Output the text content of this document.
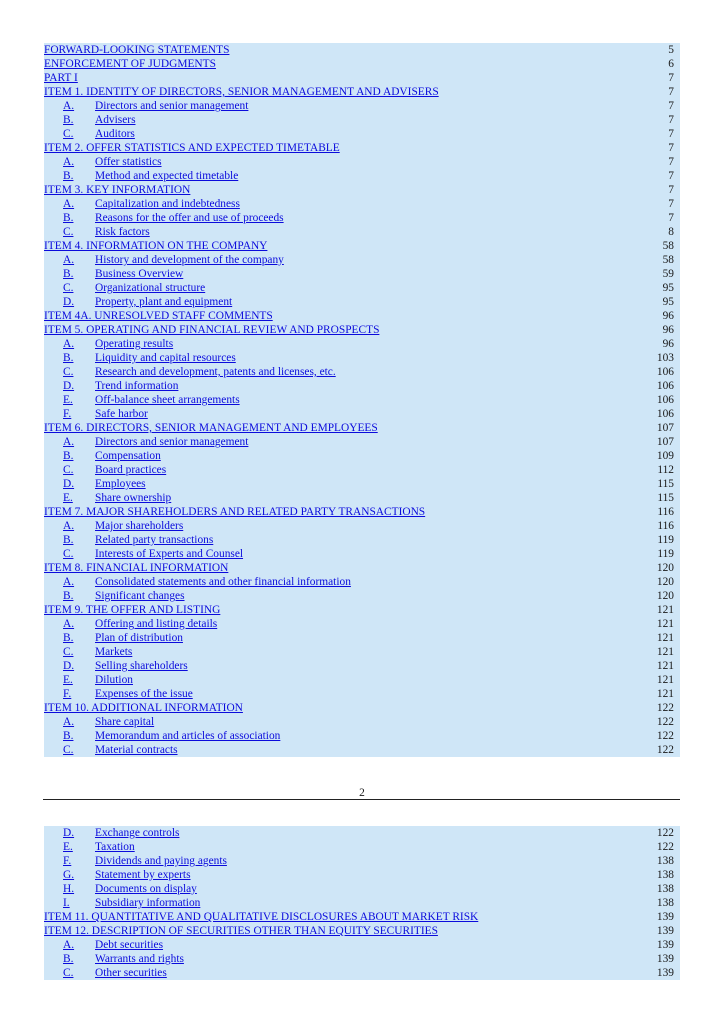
FORWARD-LOOKING STATEMENTS	5
ENFORCEMENT OF JUDGMENTS	6
PART I	7
ITEM 1. IDENTITY OF DIRECTORS, SENIOR MANAGEMENT AND ADVISERS	7
A. Directors and senior management	7
B. Advisers	7
C. Auditors	7
ITEM 2. OFFER STATISTICS AND EXPECTED TIMETABLE	7
A. Offer statistics	7
B. Method and expected timetable	7
ITEM 3. KEY INFORMATION	7
A. Capitalization and indebtedness	7
B. Reasons for the offer and use of proceeds	7
C. Risk factors	8
ITEM 4. INFORMATION ON THE COMPANY	58
A. History and development of the company	58
B. Business Overview	59
C. Organizational structure	95
D. Property, plant and equipment	95
ITEM 4A. UNRESOLVED STAFF COMMENTS	96
ITEM 5. OPERATING AND FINANCIAL REVIEW AND PROSPECTS	96
A. Operating results	96
B. Liquidity and capital resources	103
C. Research and development, patents and licenses, etc.	106
D. Trend information	106
E. Off-balance sheet arrangements	106
F. Safe harbor	106
ITEM 6. DIRECTORS, SENIOR MANAGEMENT AND EMPLOYEES	107
A. Directors and senior management	107
B. Compensation	109
C. Board practices	112
D. Employees	115
E. Share ownership	115
ITEM 7. MAJOR SHAREHOLDERS AND RELATED PARTY TRANSACTIONS	116
A. Major shareholders	116
B. Related party transactions	119
C. Interests of Experts and Counsel	119
ITEM 8. FINANCIAL INFORMATION	120
A. Consolidated statements and other financial information	120
B. Significant changes	120
ITEM 9. THE OFFER AND LISTING	121
A. Offering and listing details	121
B. Plan of distribution	121
C. Markets	121
D. Selling shareholders	121
E. Dilution	121
F. Expenses of the issue	121
ITEM 10. ADDITIONAL INFORMATION	122
A. Share capital	122
B. Memorandum and articles of association	122
C. Material contracts	122
2
D. Exchange controls	122
E. Taxation	122
F. Dividends and paying agents	138
G. Statement by experts	138
H. Documents on display	138
I. Subsidiary information	138
ITEM 11. QUANTITATIVE AND QUALITATIVE DISCLOSURES ABOUT MARKET RISK	139
ITEM 12. DESCRIPTION OF SECURITIES OTHER THAN EQUITY SECURITIES	139
A. Debt securities	139
B. Warrants and rights	139
C. Other securities	139
